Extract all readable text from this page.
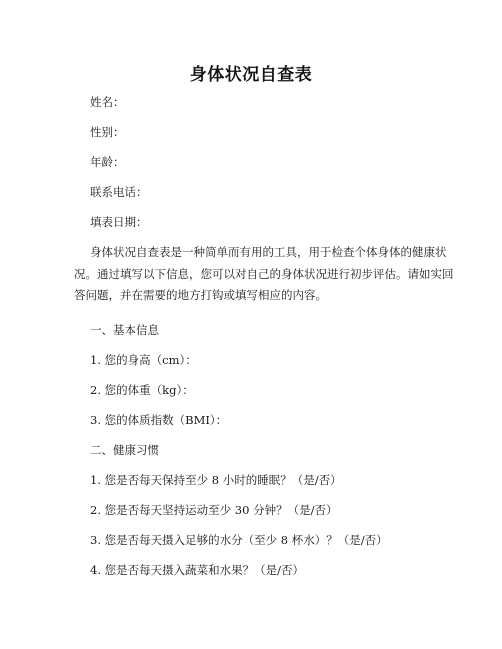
身体状况自查表
姓名：
性别：
年龄：
联系电话：
填表日期：
身体状况自查表是一种简单而有用的工具，用于检查个体身体的健康状况。通过填写以下信息，您可以对自己的身体状况进行初步评估。请如实回答问题，并在需要的地方打钩或填写相应的内容。
一、基本信息
1. 您的身高（cm）：
2. 您的体重（kg）：
3. 您的体质指数（BMI）：
二、健康习惯
1. 您是否每天保持至少 8 小时的睡眠？（是/否）
2. 您是否每天坚持运动至少 30 分钟？（是/否）
3. 您是否每天摄入足够的水分（至少 8 杯水）？（是/否）
4. 您是否每天摄入蔬菜和水果？（是/否）
